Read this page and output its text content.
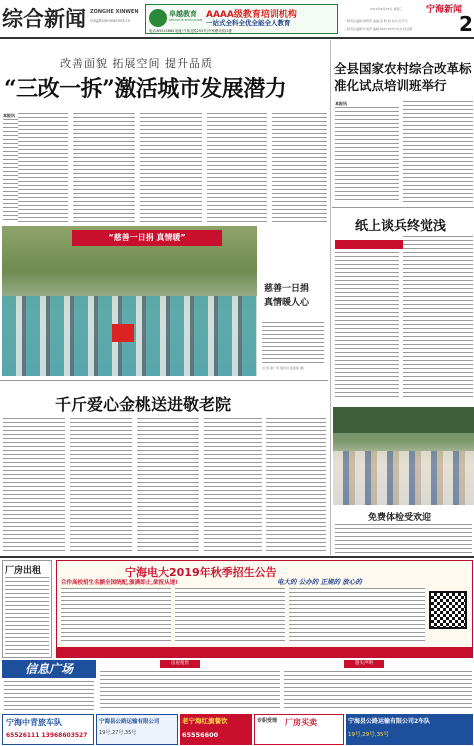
综合新闻 ZONGHE XINWEN
ninghaienewsnet.cn
阜越教育
ZHUOYUE EDUCATION AAAA级教育培训机构
一站式全科全优全能全人教育
电话:65515884 地址:气象北路253号(中家塘对面)2楼
一版责任编辑:徐辉军 美编:张 帆 版 校对:张芳芬
二版责任编辑:叶甫苹 编辑:65577977 校对:杨宜静
2019年8月28日 星期三	宁海新闻
2
改善面貌 拓展空间 提升品质
“三改一拆”激活城市发展潜力
本报讯
“慈善一日捐 真情暖”
慈善一日捐 真情暖人心
(记者 谢广军 通讯员 陆振琛 摄)
千斤爱心金桃送进敬老院
全县国家农村综合改革标准化试点培训班举行
本报讯
纸上谈兵终觉浅
免费体检受欢迎
厂房出租	宁海电大2019年秋季招生公告
合作高校招生名额全国统配,颁满即止,欲报从速!	电大的 公办的 正规的 放心的
信息广场	房屋租售	遗失声明
宁海中青旅车队
65526111 13968603527
宁海县公路运输有限公司
19号,27号,35号
老宁海红旗餐饮
65556600
专职受理 厂房买卖	宁海县公路运输有限公司2车队
19号,29号,35号
